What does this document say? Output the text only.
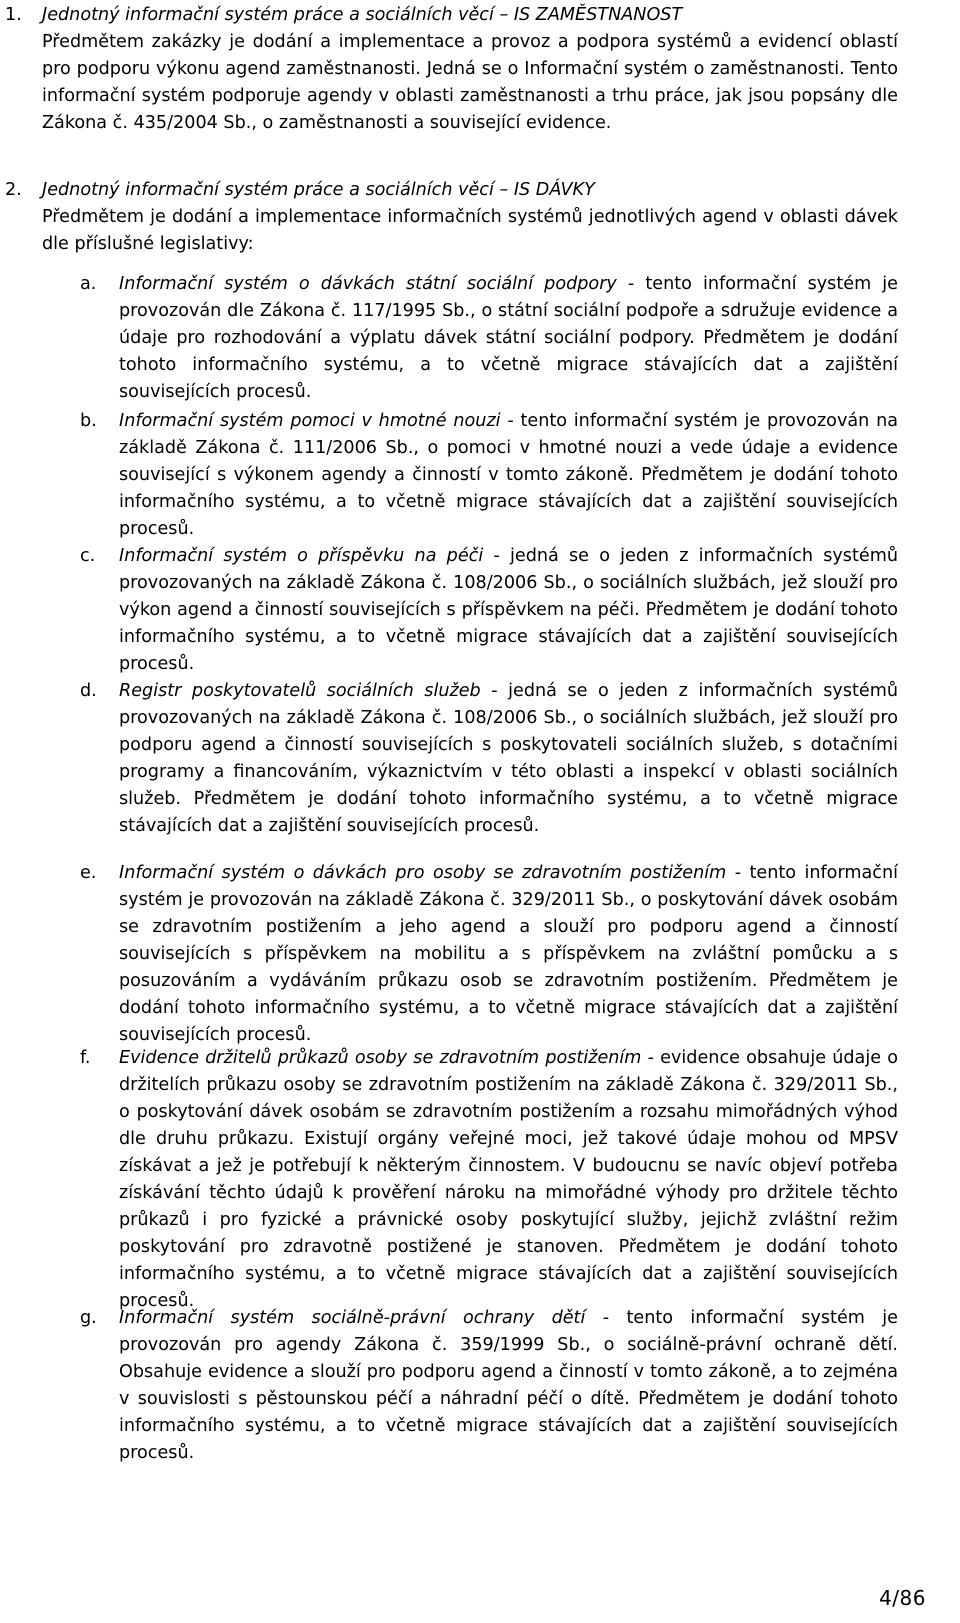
1. Jednotný informační systém práce a sociálních věcí – IS ZAMĚSTNANOST
Předmětem zakázky je dodání a implementace a provoz a podpora systémů a evidencí oblastí pro podporu výkonu agend zaměstnanosti. Jedná se o Informační systém o zaměstnanosti. Tento informační systém podporuje agendy v oblasti zaměstnanosti a trhu práce, jak jsou popsány dle Zákona č. 435/2004 Sb., o zaměstnanosti a související evidence.
2. Jednotný informační systém práce a sociálních věcí – IS DÁVKY
Předmětem je dodání a implementace informačních systémů jednotlivých agend v oblasti dávek dle příslušné legislativy:
a. Informační systém o dávkách státní sociální podpory - tento informační systém je provozován dle Zákona č. 117/1995 Sb., o státní sociální podpoře a sdružuje evidence a údaje pro rozhodování a výplatu dávek státní sociální podpory. Předmětem je dodání tohoto informačního systému, a to včetně migrace stávajících dat a zajištění souvisejících procesů.
b. Informační systém pomoci v hmotné nouzi - tento informační systém je provozován na základě Zákona č. 111/2006 Sb., o pomoci v hmotné nouzi a vede údaje a evidence související s výkonem agendy a činností v tomto zákoně. Předmětem je dodání tohoto informačního systému, a to včetně migrace stávajících dat a zajištění souvisejících procesů.
c. Informační systém o příspěvku na péči - jedná se o jeden z informačních systémů provozovaných na základě Zákona č. 108/2006 Sb., o sociálních službách, jež slouží pro výkon agend a činností souvisejících s příspěvkem na péči. Předmětem je dodání tohoto informačního systému, a to včetně migrace stávajících dat a zajištění souvisejících procesů.
d. Registr poskytovatelů sociálních služeb - jedná se o jeden z informačních systémů provozovaných na základě Zákona č. 108/2006 Sb., o sociálních službách, jež slouží pro podporu agend a činností souvisejících s poskytovateli sociálních služeb, s dotačními programy a financováním, výkaznictvím v této oblasti a inspekcí v oblasti sociálních služeb. Předmětem je dodání tohoto informačního systému, a to včetně migrace stávajících dat a zajištění souvisejících procesů.
e. Informační systém o dávkách pro osoby se zdravotním postižením - tento informační systém je provozován na základě Zákona č. 329/2011 Sb., o poskytování dávek osobám se zdravotním postižením a jeho agend a slouží pro podporu agend a činností souvisejících s příspěvkem na mobilitu a s příspěvkem na zvláštní pomůcku a s posuzováním a vydáváním průkazu osob se zdravotním postižením. Předmětem je dodání tohoto informačního systému, a to včetně migrace stávajících dat a zajištění souvisejících procesů.
f. Evidence držitelů průkazů osoby se zdravotním postižením - evidence obsahuje údaje o držitelích průkazu osoby se zdravotním postižením na základě Zákona č. 329/2011 Sb., o poskytování dávek osobám se zdravotním postižením a rozsahu mimořádných výhod dle druhu průkazu. Existují orgány veřejné moci, jež takové údaje mohou od MPSV získávat a jež je potřebují k některým činnostem. V budoucnu se navíc objeví potřeba získávání těchto údajů k prověření nároku na mimořádné výhody pro držitele těchto průkazů i pro fyzické a právnické osoby poskytující služby, jejichž zvláštní režim poskytování pro zdravotně postižené je stanoven. Předmětem je dodání tohoto informačního systému, a to včetně migrace stávajících dat a zajištění souvisejících procesů.
g. Informační systém sociálně-právní ochrany dětí - tento informační systém je provozován pro agendy Zákona č. 359/1999 Sb., o sociálně-právní ochraně dětí. Obsahuje evidence a slouží pro podporu agend a činností v tomto zákoně, a to zejména v souvislosti s pěstounskou péčí a náhradní péčí o dítě. Předmětem je dodání tohoto informačního systému, a to včetně migrace stávajících dat a zajištění souvisejících procesů.
4/86
